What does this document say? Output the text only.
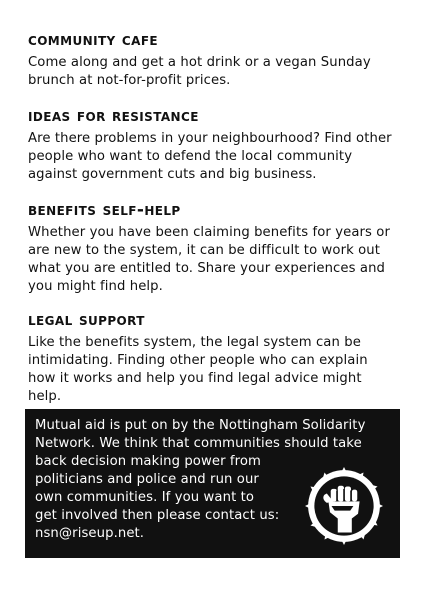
community cafe

Come along and get a hot drink or a vegan Sunday brunch at not-for-profit prices.

ideas for resistance

Are there problems in your neighbourhood? Find other people who want to defend the local community against government cuts and big business.

benefits self-help

Whether you have been claiming benefits for years or are new to the system, it can be difficult to work out what you are entitled to. Share your experiences and you might find help.

legal support

Like the benefits system, the legal system can be intimidating. Finding other people who can explain how it works and help you find legal advice might help.

Mutual aid is put on by the Nottingham Solidarity
Network. We think that communities should take
back decision making power from
politicians and police and run our
own communities. If you want to
get involved then please contact us:
nsn@riseup.net.
